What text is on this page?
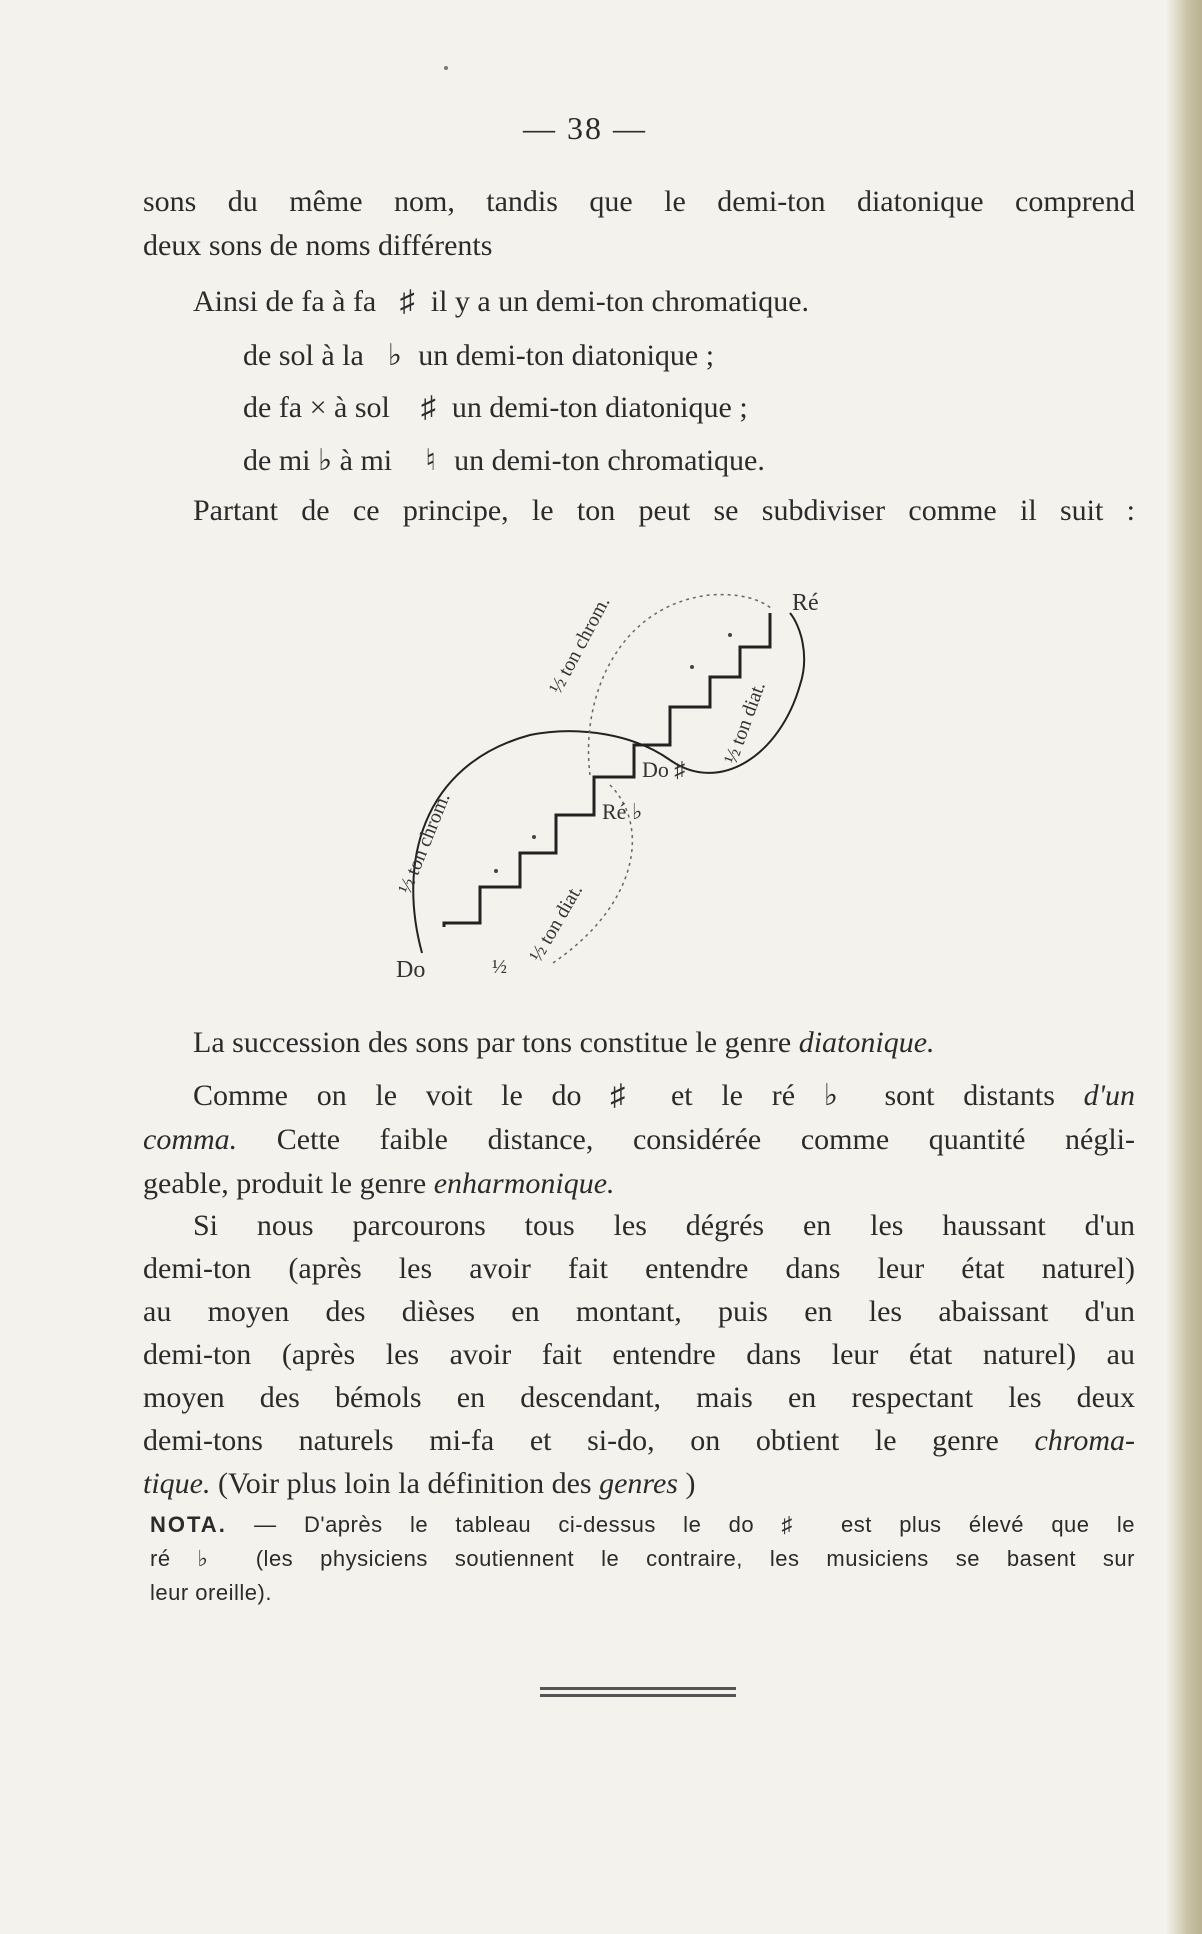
— 38 —
sons du même nom, tandis que le demi-ton diatonique comprend
deux sons de noms différents
Ainsi de fa à fa ♯ il y a un demi-ton chromatique.
de sol à la ♭ un demi-ton diatonique ;
de fa × à sol ♯ un demi-ton diatonique ;
de mi ♭ à mi ♮ un demi-ton chromatique.
Partant de ce principe, le ton peut se subdiviser comme il suit :
Ré
Ré ♭
Do ♯
Do	½
½ ton chrom.
½ ton diat.
½ ton chrom.
½ ton diat.
La succession des sons par tons constitue le genre diatonique.
Comme on le voit le do ♯ et le ré ♭ sont distants d'un
comma. Cette faible distance, considérée comme quantité négli-
geable, produit le genre enharmonique.
Si nous parcourons tous les dégrés en les haussant d'un
demi-ton (après les avoir fait entendre dans leur état naturel)
au moyen des dièses en montant, puis en les abaissant d'un
demi-ton (après les avoir fait entendre dans leur état naturel) au
moyen des bémols en descendant, mais en respectant les deux
demi-tons naturels mi-fa et si-do, on obtient le genre chroma-
tique. (Voir plus loin la définition des genres )
NOTA. — D'après le tableau ci-dessus le do ♯ est plus élevé que le
ré ♭ (les physiciens soutiennent le contraire, les musiciens se basent sur
leur oreille).
